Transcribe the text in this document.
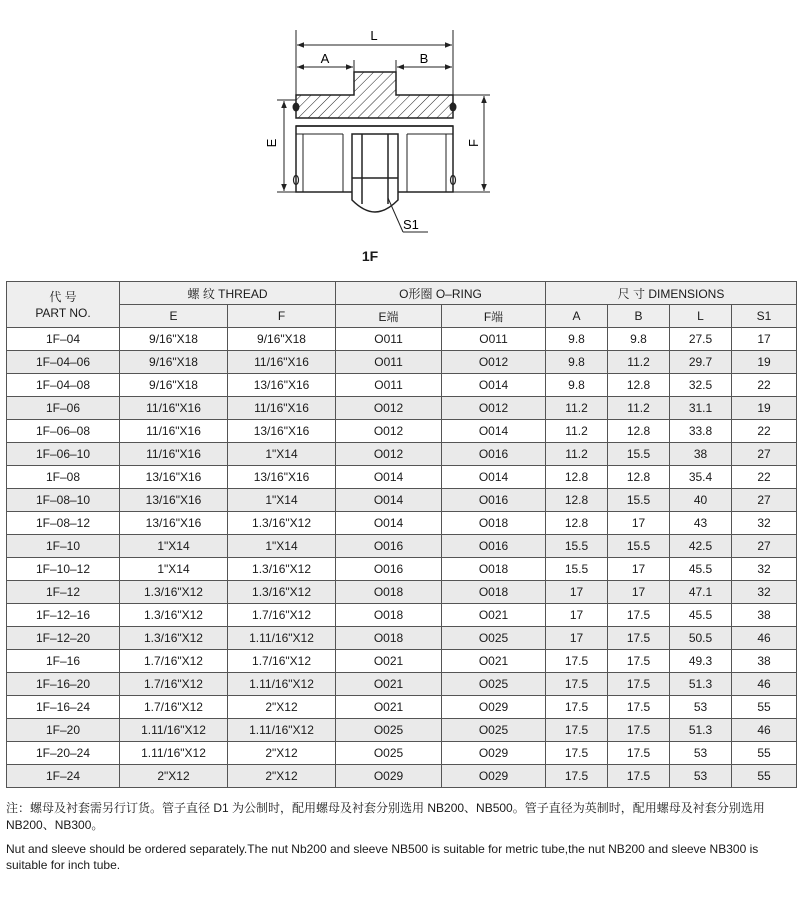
L
A	B
E	F
S1
1F
代 号
PART NO.	螺 纹 THREAD		O形圈 O–RING		尺 寸 DIMENSIONS			
	E	F	E端	F端	A	B	L	S1
1F–04	9/16"X18	9/16"X18	O011	O011	9.8	9.8	27.5	17
1F–04–06	9/16"X18	11/16"X16	O011	O012	9.8	11.2	29.7	19
1F–04–08	9/16"X18	13/16"X16	O011	O014	9.8	12.8	32.5	22
1F–06	11/16"X16	11/16"X16	O012	O012	11.2	11.2	31.1	19
1F–06–08	11/16"X16	13/16"X16	O012	O014	11.2	12.8	33.8	22
1F–06–10	11/16"X16	1"X14	O012	O016	11.2	15.5	38	27
1F–08	13/16"X16	13/16"X16	O014	O014	12.8	12.8	35.4	22
1F–08–10	13/16"X16	1"X14	O014	O016	12.8	15.5	40	27
1F–08–12	13/16"X16	1.3/16"X12	O014	O018	12.8	17	43	32
1F–10	1"X14	1"X14	O016	O016	15.5	15.5	42.5	27
1F–10–12	1"X14	1.3/16"X12	O016	O018	15.5	17	45.5	32
1F–12	1.3/16"X12	1.3/16"X12	O018	O018	17	17	47.1	32
1F–12–16	1.3/16"X12	1.7/16"X12	O018	O021	17	17.5	45.5	38
1F–12–20	1.3/16"X12	1.11/16"X12	O018	O025	17	17.5	50.5	46
1F–16	1.7/16"X12	1.7/16"X12	O021	O021	17.5	17.5	49.3	38
1F–16–20	1.7/16"X12	1.11/16"X12	O021	O025	17.5	17.5	51.3	46
1F–16–24	1.7/16"X12	2"X12	O021	O029	17.5	17.5	53	55
1F–20	1.11/16"X12	1.11/16"X12	O025	O025	17.5	17.5	51.3	46
1F–20–24	1.11/16"X12	2"X12	O025	O029	17.5	17.5	53	55
1F–24	2"X12	2"X12	O029	O029	17.5	17.5	53	55
注：螺母及衬套需另行订货。管子直径 D1 为公制时，配用螺母及衬套分别选用 NB200、NB500。管子直径为英制时，配用螺母及衬套分别选用NB200、NB300。
Nut and sleeve should be ordered separately.The nut Nb200 and sleeve NB500 is suitable for metric tube,the nut NB200 and sleeve NB300 is suitable for inch tube.
